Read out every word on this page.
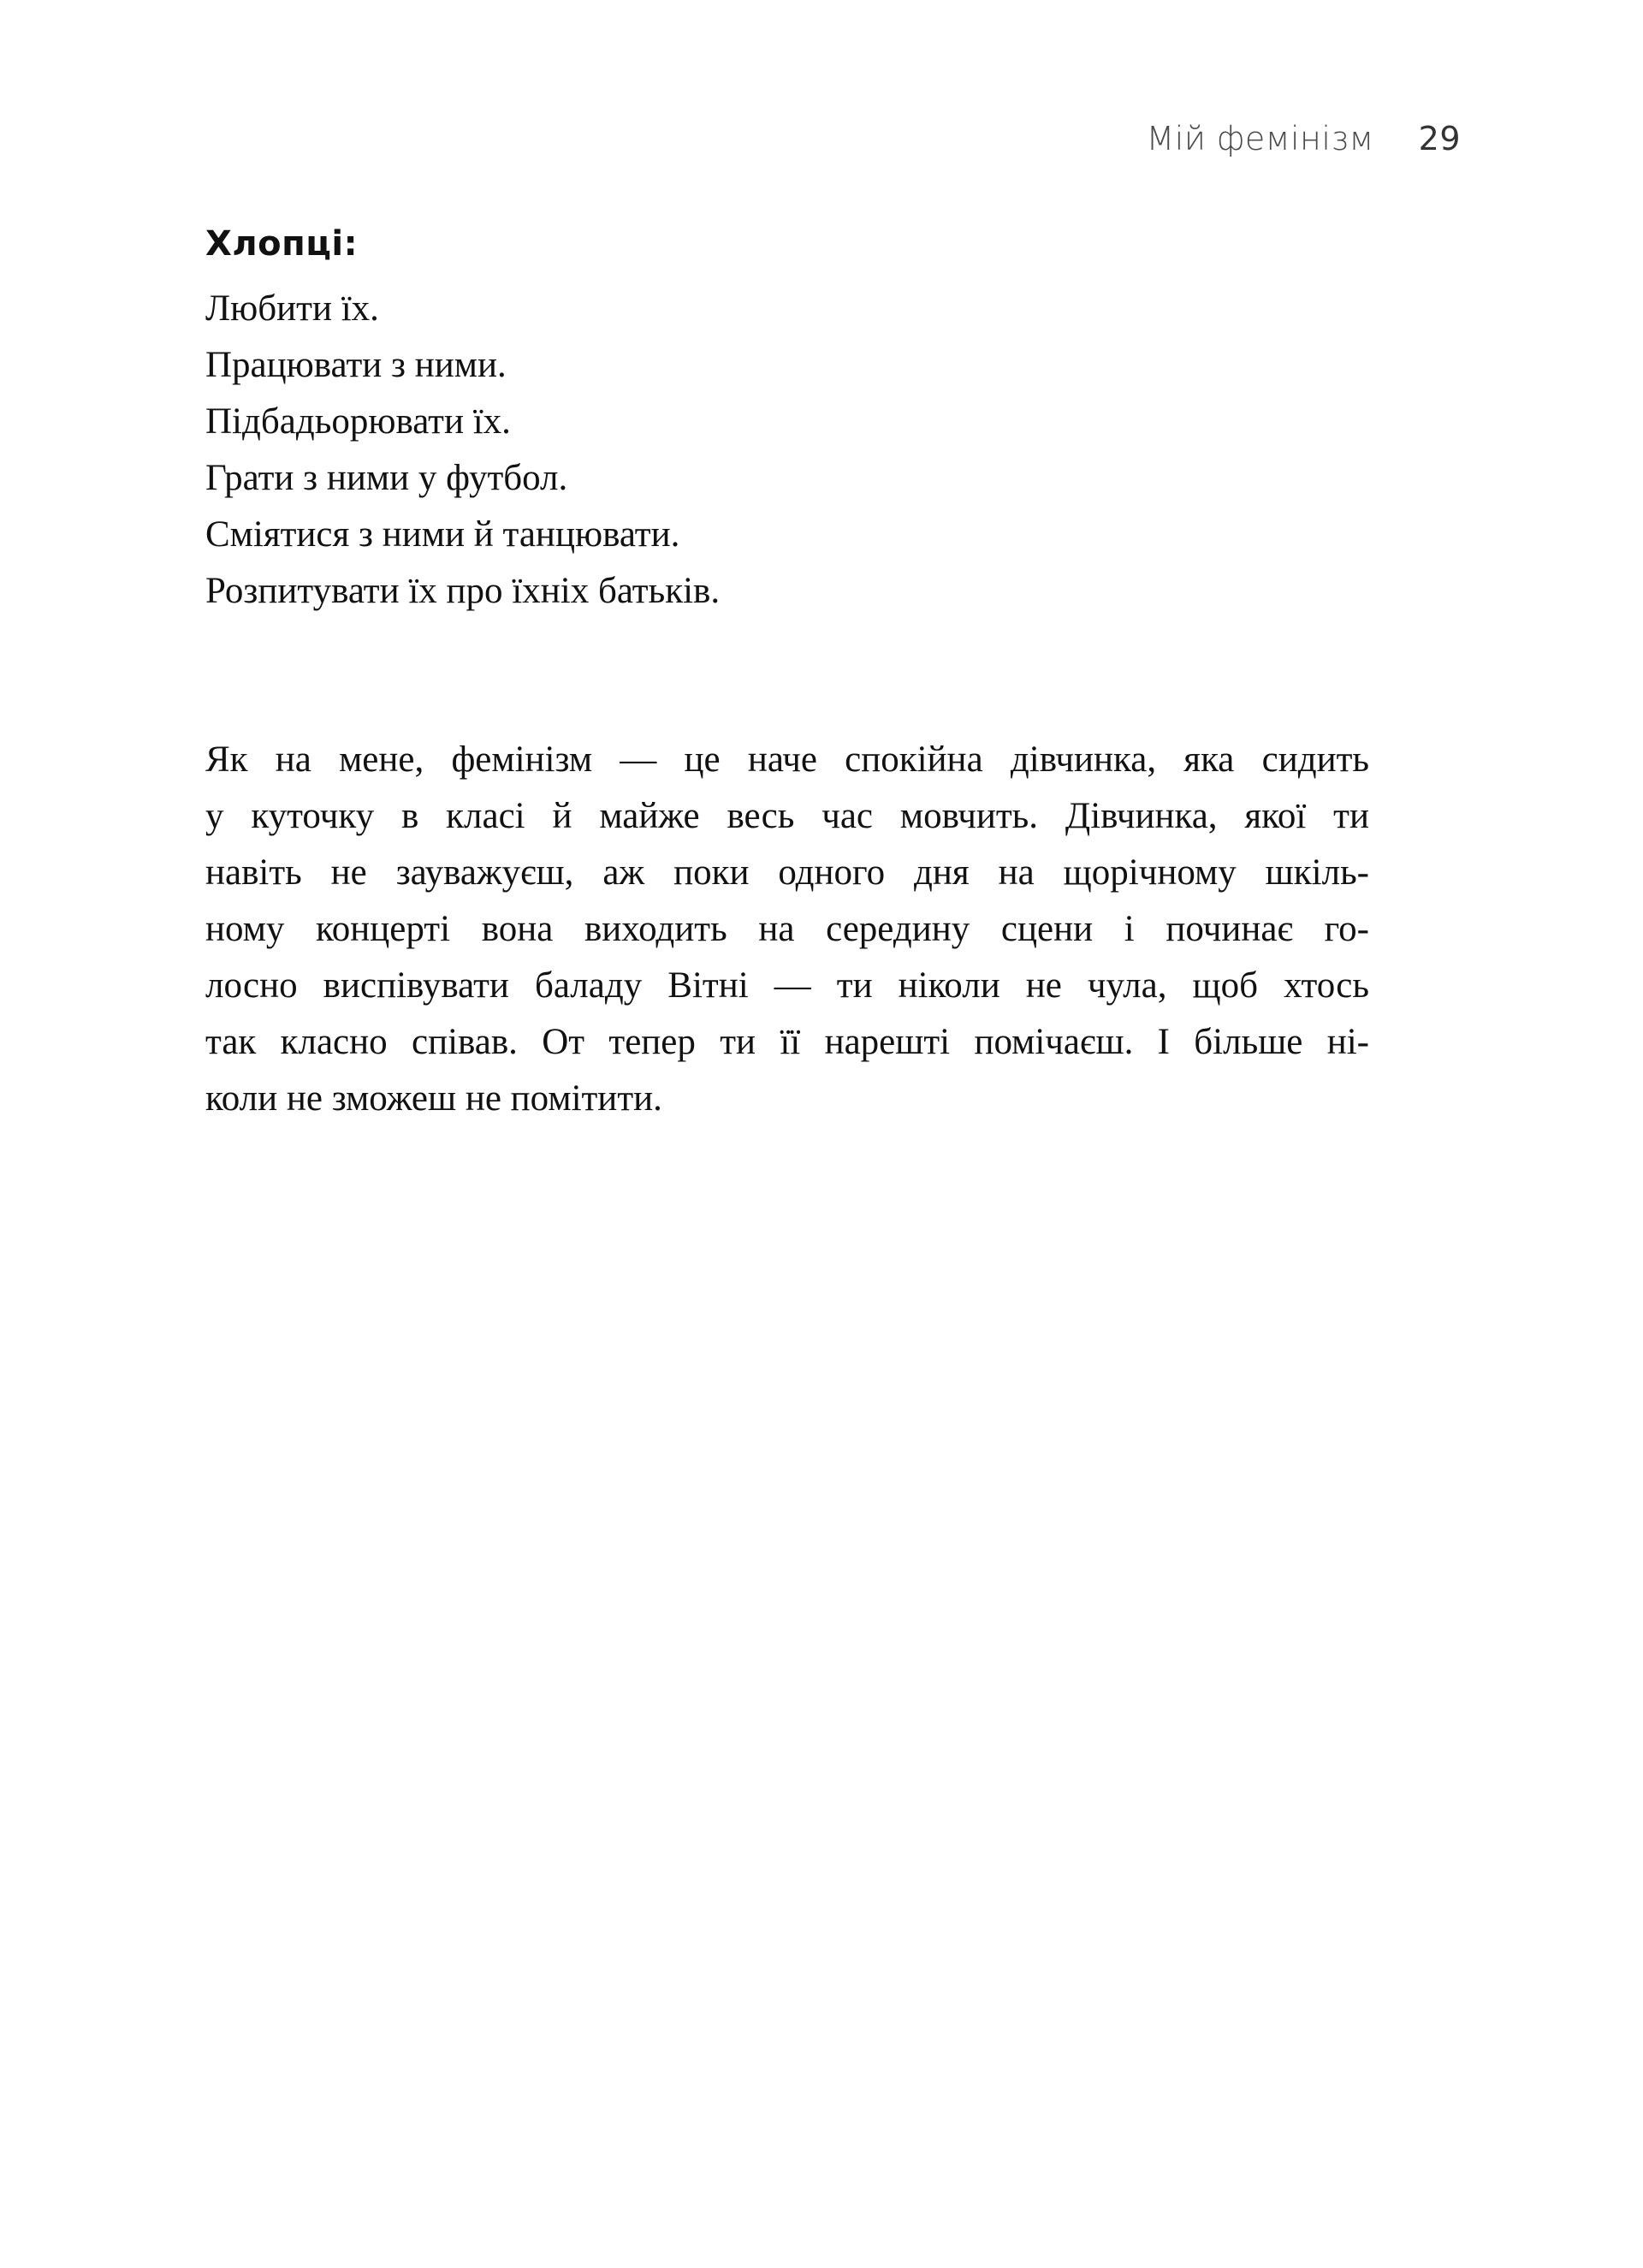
Мій фемінізм 29
Хлопці:
Любити їх.
Працювати з ними.
Підбадьорювати їх.
Грати з ними у футбол.
Сміятися з ними й танцювати.
Розпитувати їх про їхніх батьків.

Як на мене, фемінізм — це наче спокійна дівчинка, яка сидить
у куточку в класі й майже весь час мовчить. Дівчинка, якої ти
навіть не зауважуєш, аж поки одного дня на щорічному шкіль-
ному концерті вона виходить на середину сцени і починає го-
лосно виспівувати баладу Вітні — ти ніколи не чула, щоб хтось
так класно співав. От тепер ти її нарешті помічаєш. І більше ні-
коли не зможеш не помітити.
